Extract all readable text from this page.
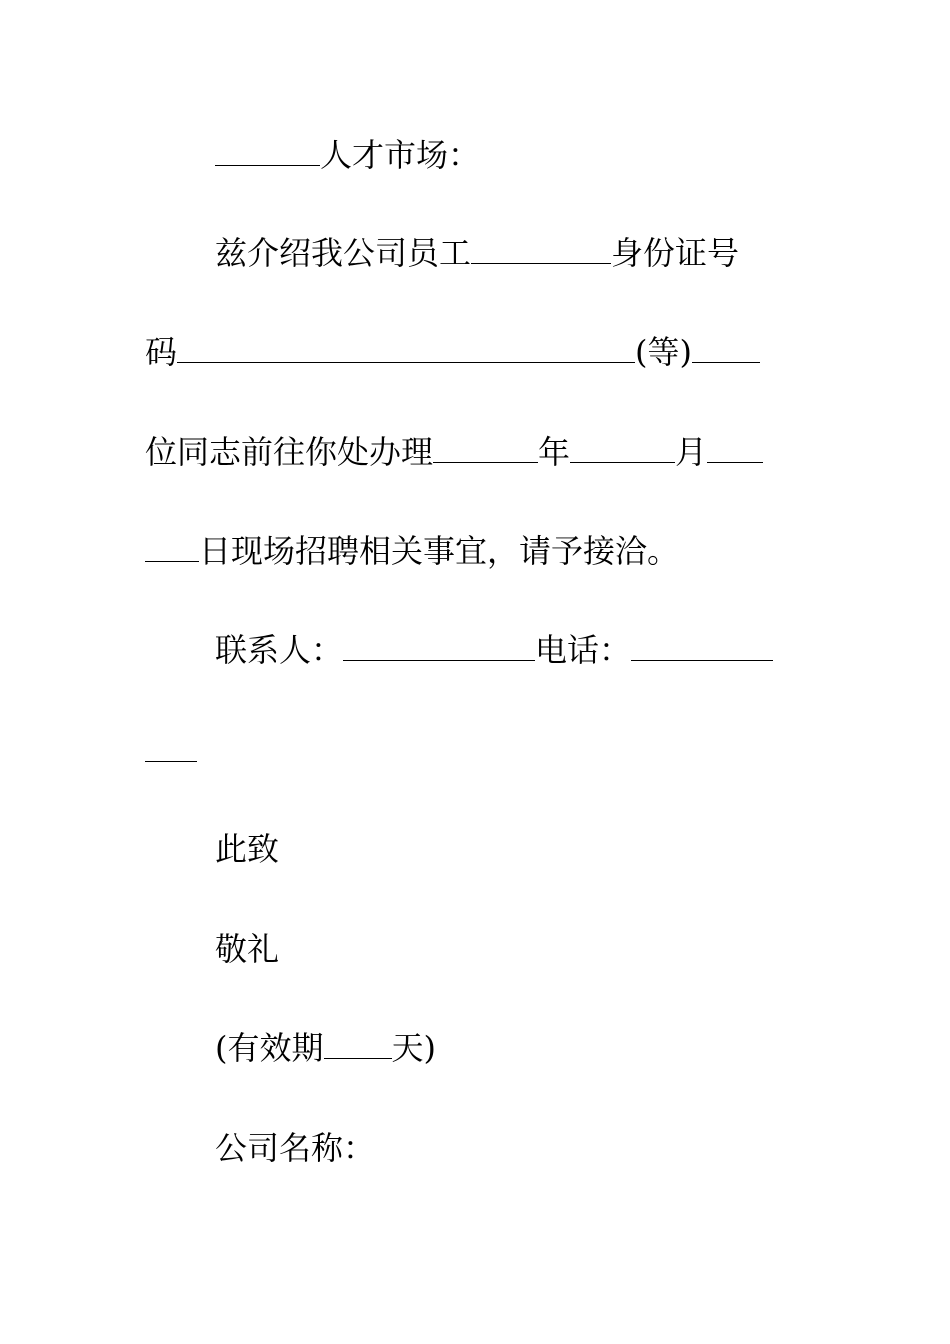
人才市场：
兹介绍我公司员工	身份证号
码	(等)
位同志前往你处办理	年	月
日现场招聘相关事宜，请予接洽。
联系人：	电话：
此致
敬礼
(有效期 天)
公司名称：
